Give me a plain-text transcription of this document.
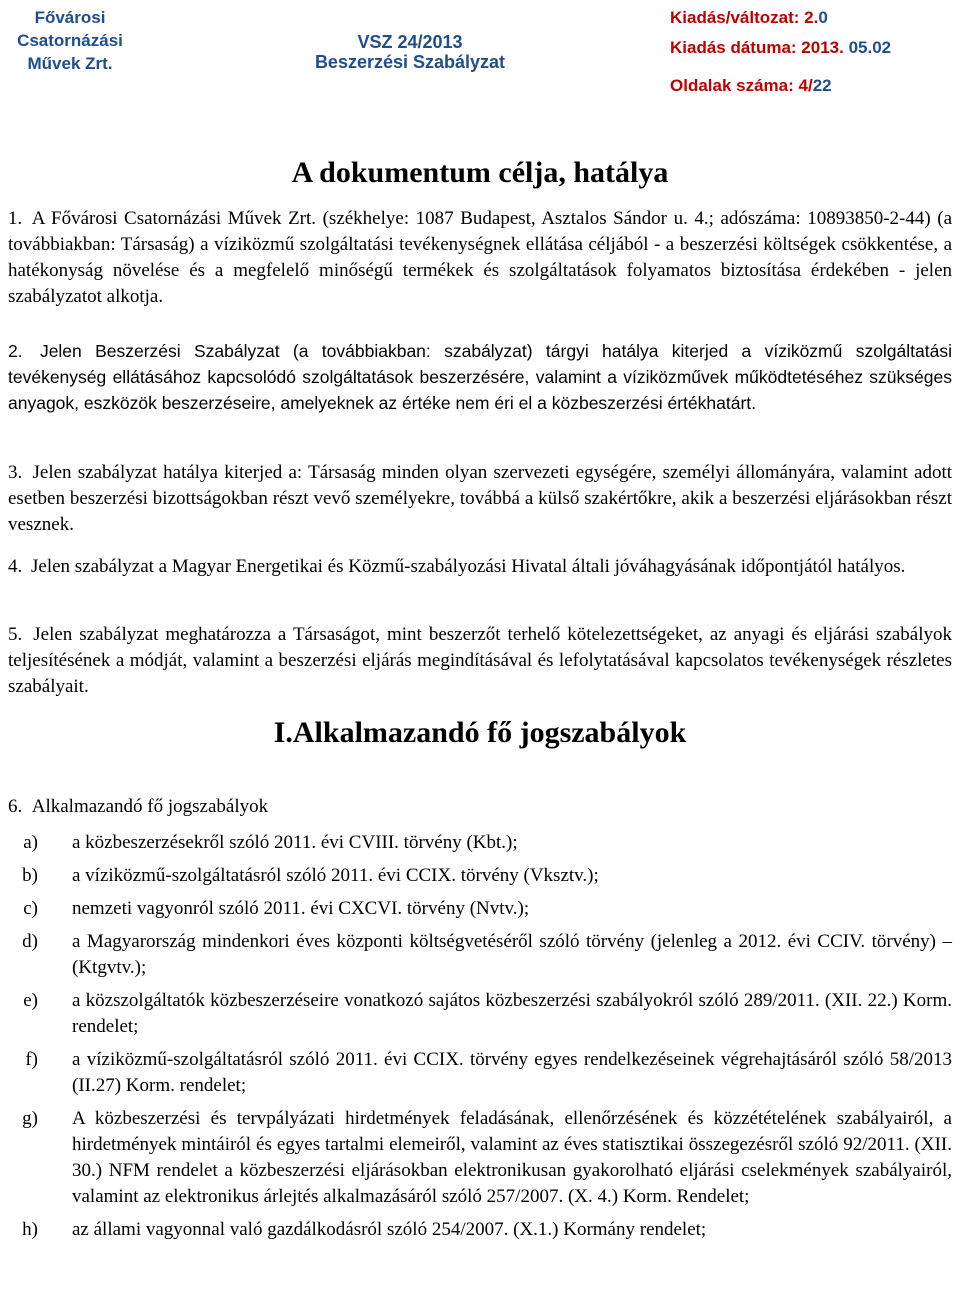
Fővárosi
Csatornázási
Művek Zrt.
VSZ 24/2013
Beszerzési Szabályzat
Kiadás/változat: 2.0
Kiadás dátuma: 2013. 05.02
Oldalak száma: 4/22
A dokumentum célja, hatálya
1. A Fővárosi Csatornázási Művek Zrt. (székhelye: 1087 Budapest, Asztalos Sándor u. 4.; adószáma: 10893850-2-44) (a továbbiakban: Társaság) a víziközmű szolgáltatási tevékenységnek ellátása céljából - a beszerzési költségek csökkentése, a hatékonyság növelése és a megfelelő minőségű termékek és szolgáltatások folyamatos biztosítása érdekében - jelen szabályzatot alkotja.
2. Jelen Beszerzési Szabályzat (a továbbiakban: szabályzat) tárgyi hatálya kiterjed a víziközmű szolgáltatási tevékenység ellátásához kapcsolódó szolgáltatások beszerzésére, valamint a víziközművek működtetéséhez szükséges anyagok, eszközök beszerzéseire, amelyeknek az értéke nem éri el a közbeszerzési értékhatárt.
3. Jelen szabályzat hatálya kiterjed a: Társaság minden olyan szervezeti egységére, személyi állományára, valamint adott esetben beszerzési bizottságokban részt vevő személyekre, továbbá a külső szakértőkre, akik a beszerzési eljárásokban részt vesznek.
4. Jelen szabályzat a Magyar Energetikai és Közmű-szabályozási Hivatal általi jóváhagyásának időpontjától hatályos.
5. Jelen szabályzat meghatározza a Társaságot, mint beszerzőt terhelő kötelezettségeket, az anyagi és eljárási szabályok teljesítésének a módját, valamint a beszerzési eljárás megindításával és lefolytatásával kapcsolatos tevékenységek részletes szabályait.
I.Alkalmazandó fő jogszabályok
6. Alkalmazandó fő jogszabályok
a) a közbeszerzésekről szóló 2011. évi CVIII. törvény (Kbt.);
b) a víziközmű-szolgáltatásról szóló 2011. évi CCIX. törvény (Vksztv.);
c) nemzeti vagyonról szóló 2011. évi CXCVI. törvény (Nvtv.);
d) a Magyarország mindenkori éves központi költségvetéséről szóló törvény (jelenleg a 2012. évi CCIV. törvény) – (Ktgvtv.);
e) a közszolgáltatók közbeszerzéseire vonatkozó sajátos közbeszerzési szabályokról szóló 289/2011. (XII. 22.) Korm. rendelet;
f) a víziközmű-szolgáltatásról szóló 2011. évi CCIX. törvény egyes rendelkezéseinek végrehajtásáról szóló 58/2013 (II.27) Korm. rendelet;
g) A közbeszerzési és tervpályázati hirdetmények feladásának, ellenőrzésének és közzétételének szabályairól, a hirdetmények mintáiról és egyes tartalmi elemeiről, valamint az éves statisztikai összegezésről szóló 92/2011. (XII. 30.) NFM rendelet a közbeszerzési eljárásokban elektronikusan gyakorolható eljárási cselekmények szabályairól, valamint az elektronikus árlejtés alkalmazásáról szóló 257/2007. (X. 4.) Korm. Rendelet;
h) az állami vagyonnal való gazdálkodásról szóló 254/2007. (X.1.) Kormány rendelet;
